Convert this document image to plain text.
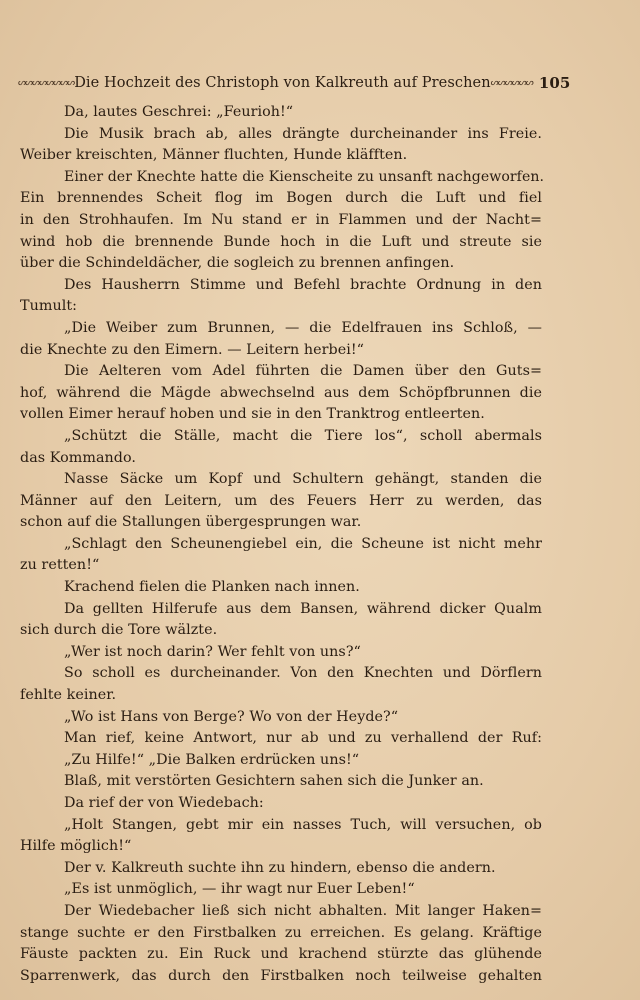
ᔕᔕᔕᔕᔕᔕᔕᔕ Die Hochzeit des Christoph von Kalkreuth auf Preschen ᔕᔕᔕᔕᔕᔕ 105
Da, lautes Geschrei: „Feurioh!“
Die Musik brach ab, alles drängte durcheinander ins Freie.
Weiber kreischten, Männer fluchten, Hunde kläfften.
Einer der Knechte hatte die Kienscheite zu unsanft nachgeworfen.
Ein brennendes Scheit flog im Bogen durch die Luft und fiel
in den Strohhaufen. Im Nu stand er in Flammen und der Nacht=
wind hob die brennende Bunde hoch in die Luft und streute sie
über die Schindeldächer, die sogleich zu brennen anfingen.
Des Hausherrn Stimme und Befehl brachte Ordnung in den
Tumult:
„Die Weiber zum Brunnen, — die Edelfrauen ins Schloß, —
die Knechte zu den Eimern. — Leitern herbei!“
Die Aelteren vom Adel führten die Damen über den Guts=
hof, während die Mägde abwechselnd aus dem Schöpfbrunnen die
vollen Eimer herauf hoben und sie in den Tranktrog entleerten.
„Schützt die Ställe, macht die Tiere los“, scholl abermals
das Kommando.
Nasse Säcke um Kopf und Schultern gehängt, standen die
Männer auf den Leitern, um des Feuers Herr zu werden, das
schon auf die Stallungen übergesprungen war.
„Schlagt den Scheunengiebel ein, die Scheune ist nicht mehr
zu retten!“
Krachend fielen die Planken nach innen.
Da gellten Hilferufe aus dem Bansen, während dicker Qualm
sich durch die Tore wälzte.
„Wer ist noch darin? Wer fehlt von uns?“
So scholl es durcheinander. Von den Knechten und Dörflern
fehlte keiner.
„Wo ist Hans von Berge? Wo von der Heyde?“
Man rief, keine Antwort, nur ab und zu verhallend der Ruf:
„Zu Hilfe!“ „Die Balken erdrücken uns!“
Blaß, mit verstörten Gesichtern sahen sich die Junker an.
Da rief der von Wiedebach:
„Holt Stangen, gebt mir ein nasses Tuch, will versuchen, ob
Hilfe möglich!“
Der v. Kalkreuth suchte ihn zu hindern, ebenso die andern.
„Es ist unmöglich, — ihr wagt nur Euer Leben!“
Der Wiedebacher ließ sich nicht abhalten. Mit langer Haken=
stange suchte er den Firstbalken zu erreichen. Es gelang. Kräftige
Fäuste packten zu. Ein Ruck und krachend stürzte das glühende
Sparrenwerk, das durch den Firstbalken noch teilweise gehalten
